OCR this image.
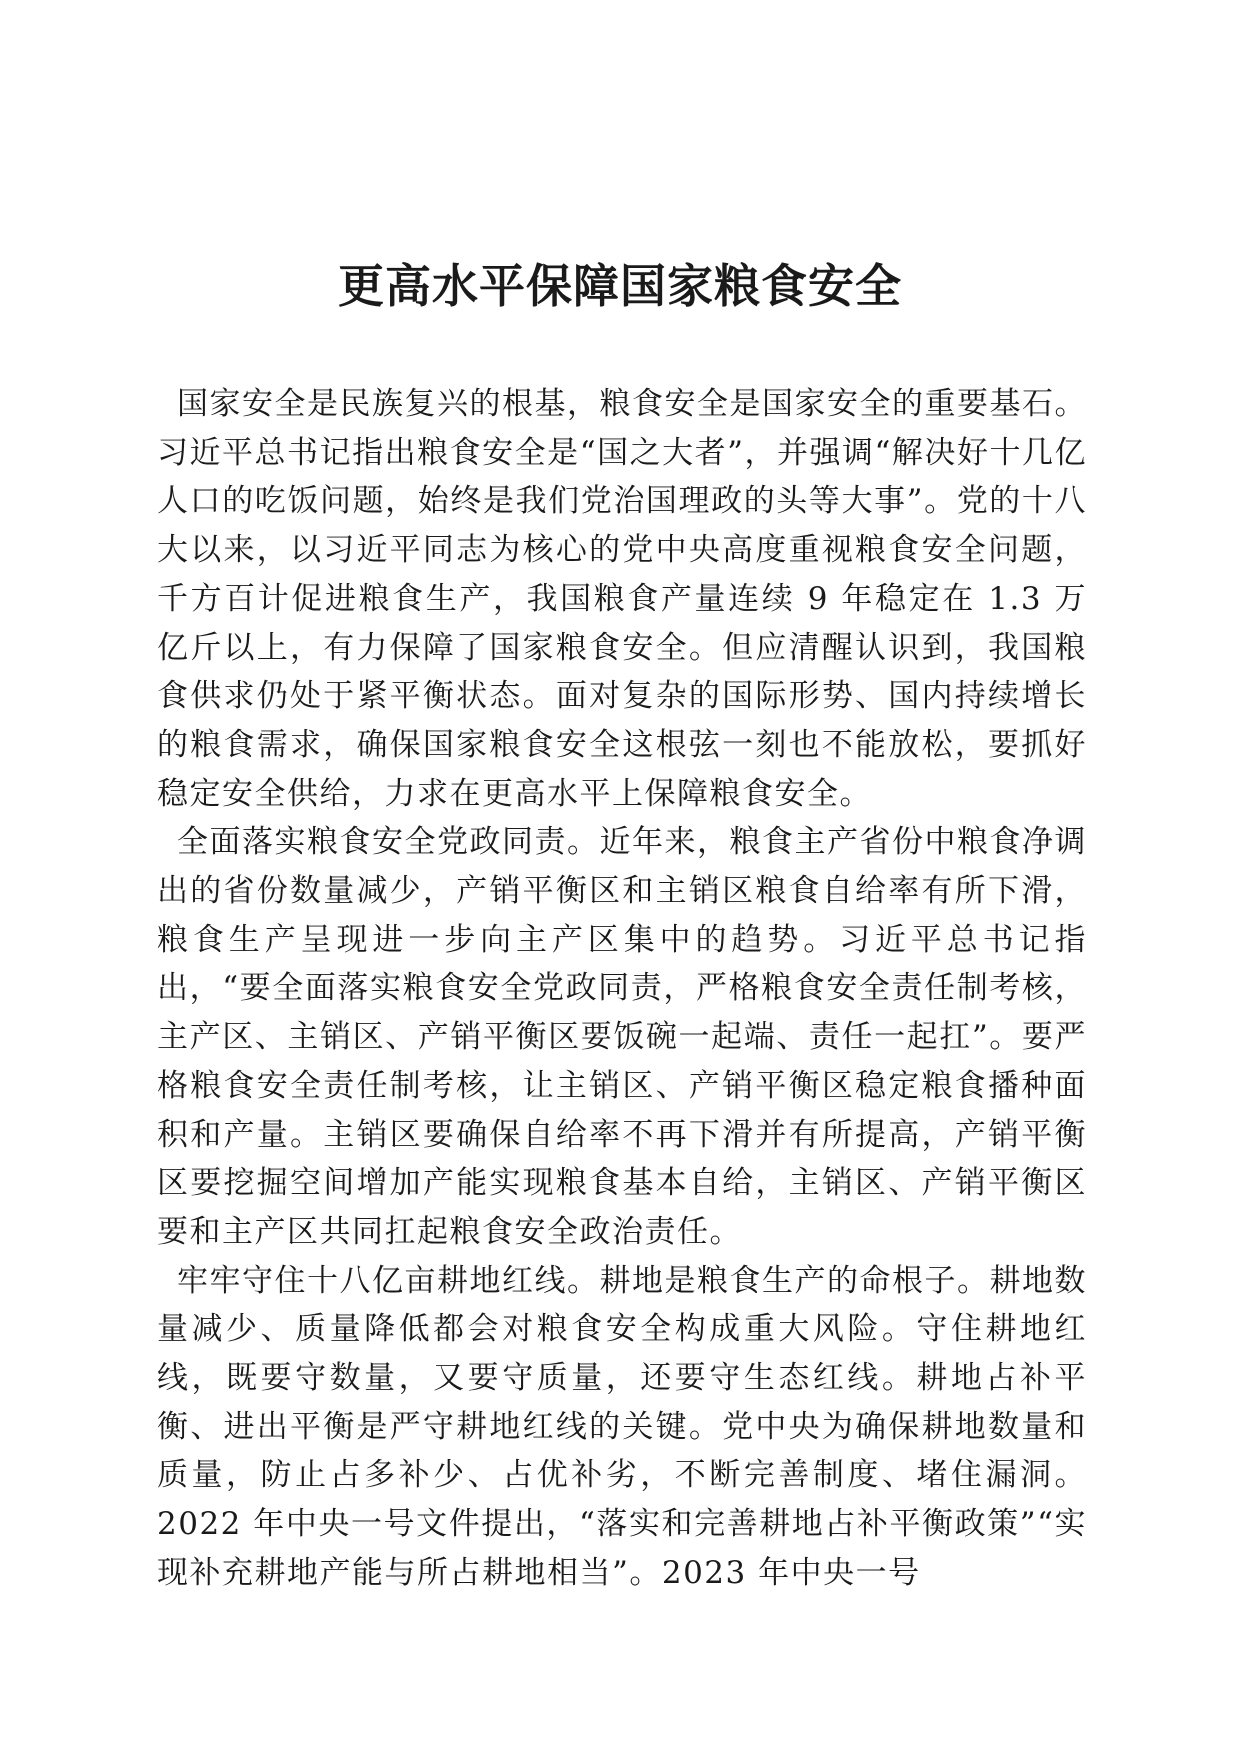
更高水平保障国家粮食安全

国家安全是民族复兴的根基，粮食安全是国家安全的重要基石。习近平总书记指出粮食安全是“国之大者”，并强调“解决好十几亿人口的吃饭问题，始终是我们党治国理政的头等大事”。党的十八大以来，以习近平同志为核心的党中央高度重视粮食安全问题，千方百计促进粮食生产，我国粮食产量连续 9 年稳定在 1.3 万亿斤以上，有力保障了国家粮食安全。但应清醒认识到，我国粮食供求仍处于紧平衡状态。面对复杂的国际形势、国内持续增长的粮食需求，确保国家粮食安全这根弦一刻也不能放松，要抓好稳定安全供给，力求在更高水平上保障粮食安全。

全面落实粮食安全党政同责。近年来，粮食主产省份中粮食净调出的省份数量减少，产销平衡区和主销区粮食自给率有所下滑，粮食生产呈现进一步向主产区集中的趋势。习近平总书记指出，“要全面落实粮食安全党政同责，严格粮食安全责任制考核，主产区、主销区、产销平衡区要饭碗一起端、责任一起扛”。要严格粮食安全责任制考核，让主销区、产销平衡区稳定粮食播种面积和产量。主销区要确保自给率不再下滑并有所提高，产销平衡区要挖掘空间增加产能实现粮食基本自给，主销区、产销平衡区要和主产区共同扛起粮食安全政治责任。

牢牢守住十八亿亩耕地红线。耕地是粮食生产的命根子。耕地数量减少、质量降低都会对粮食安全构成重大风险。守住耕地红线，既要守数量，又要守质量，还要守生态红线。耕地占补平衡、进出平衡是严守耕地红线的关键。党中央为确保耕地数量和质量，防止占多补少、占优补劣，不断完善制度、堵住漏洞。2022 年中央一号文件提出，“落实和完善耕地占补平衡政策”“实现补充耕地产能与所占耕地相当”。2023 年中央一号
